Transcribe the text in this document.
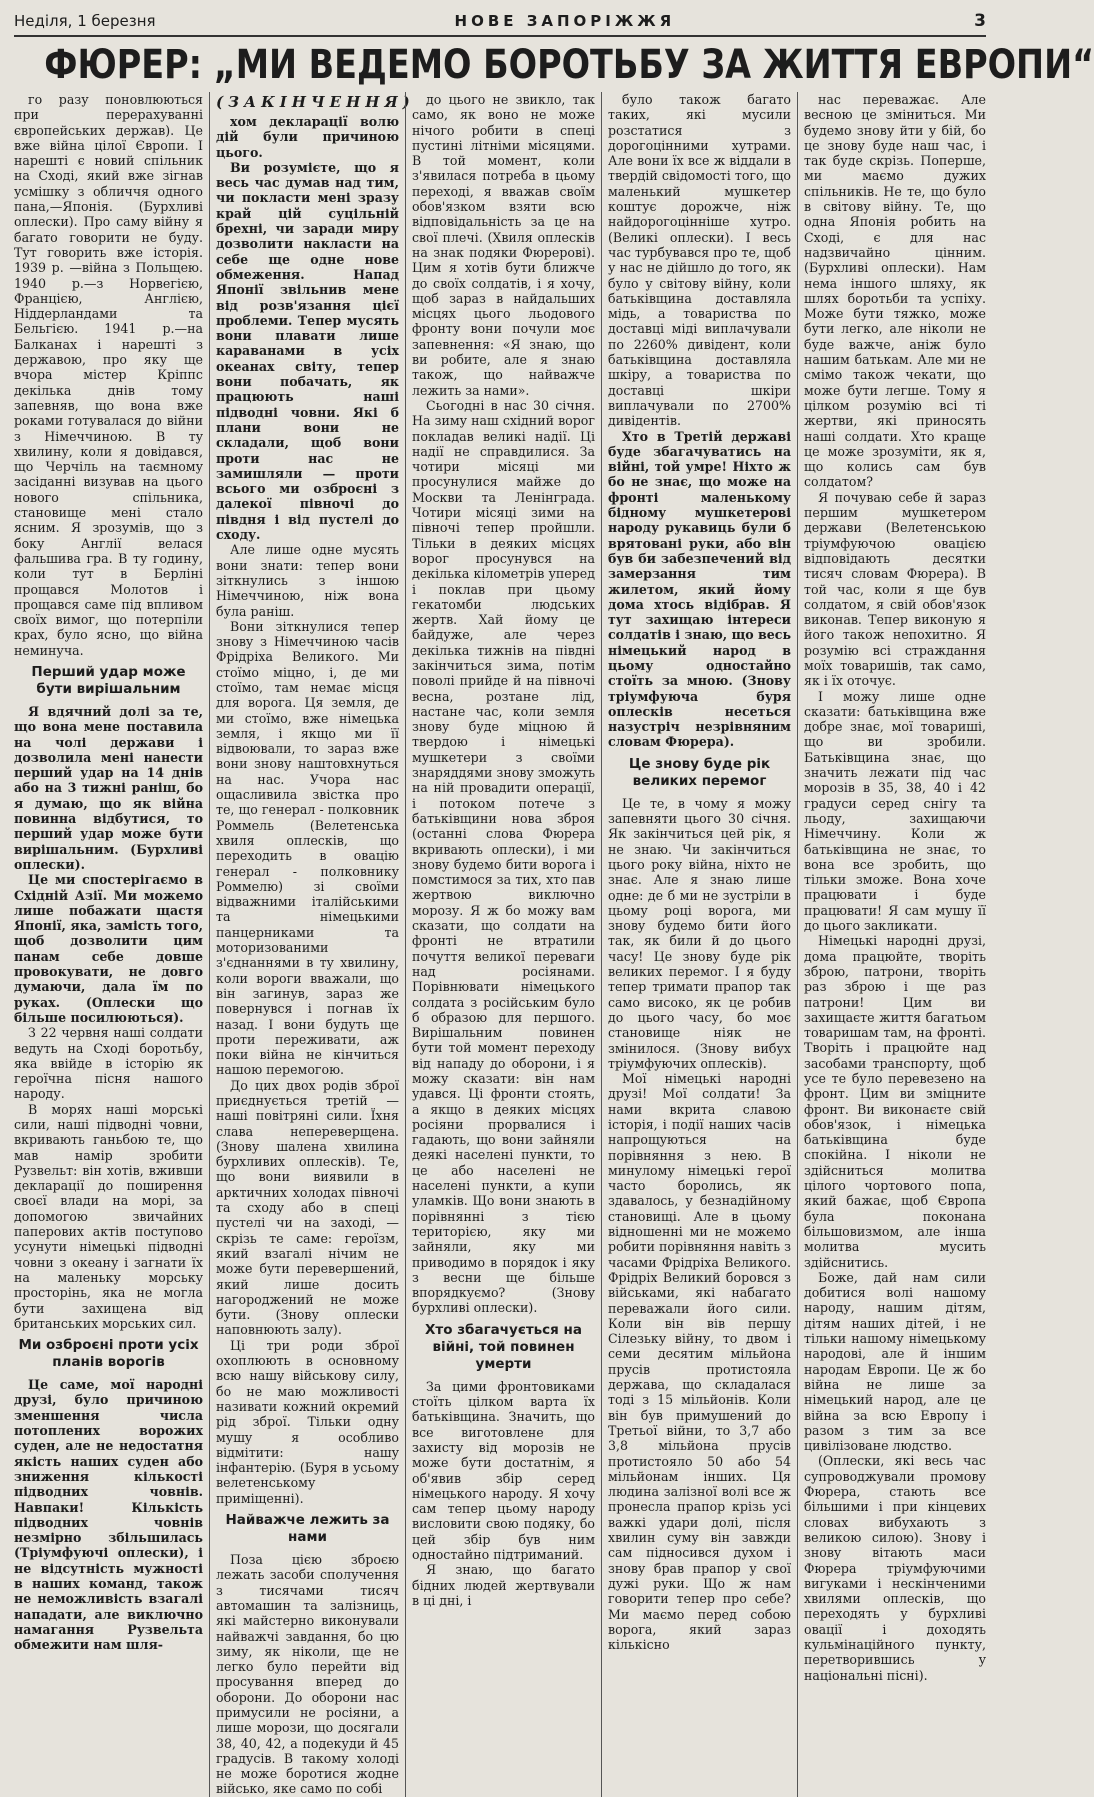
Неділя, 1 березня	НОВЕ ЗАПОРІЖЖЯ	3
ФЮРЕР: „МИ ВЕДЕМО БОРОТЬБУ ЗА ЖИТТЯ ЕВРОПИ“

го разу поновлюються при перерахуванні європейських держав). Це вже війна цілої Європи. І нарешті є новий спільник на Сході, який вже зігнав усмішку з обличчя одного пана,—Японія. (Бурхливі оплески). Про саму війну я багато говорити не буду. Тут говорить вже історія. 1939 р. —війна з Польщею. 1940 р.—з Норвегією, Францією, Англією, Ніддерландами та Бельгією. 1941 р.—на Балканах і нарешті з державою, про яку ще вчора містер Кріппс декілька днів тому запевняв, що вона вже роками готувалася до війни з Німеччиною. В ту хвилину, коли я довідався, що Черчіль на таємному засіданні визував на цього нового спільника, становище мені стало ясним. Я зрозумів, що з боку Англії велася фальшива гра. В ту годину, коли тут в Берліні прощався Молотов і прощався саме під впливом своїх вимог, що потерпіли крах, було ясно, що війна неминуча.

Перший удар може бути вирішальним

Я вдячний долі за те, що вона мене поставила на чолі держави і дозволила мені нанести перший удар на 14 днів або на 3 тижні раніш, бо я думаю, що як війна повинна відбутися, то перший удар може бути вирішальним. (Бурхливі оплески).

Це ми спостерігаємо в Східній Азії. Ми можемо лише побажати щастя Японії, яка, замість того, щоб дозволити цим панам себе довше провокувати, не довго думаючи, дала їм по руках. (Оплески що більше посилюються).

З 22 червня наші солдати ведуть на Сході боротьбу, яка ввійде в історію як героїчна пісня нашого народу.

В морях наші морські сили, наші підводні човни, вкривають ганьбою те, що мав намір зробити Рузвельт: він хотів, вживши декларації до поширення своєї влади на морі, за допомогою звичайних паперових актів поступово усунути німецькі підводні човни з океану і загнати їх на маленьку морську просторінь, яка не могла бути захищена від британських морських сил.

Ми озброєні проти усіх планів ворогів

Це саме, мої народні друзі, було причиною зменшення числа потоплених ворожих суден, але не недостатня якість наших суден або зниження кількості підводних човнів. Навпаки! Кількість підводних човнів незмірно збільшилась (Тріумфуючі оплески), і не відсутність мужності в наших команд, також не неможливість взагалі нападати, але виключно намагання Рузвельта обмежити нам шля-

(ЗАКІНЧЕННЯ)

хом декларації волю дій були причиною цього.

Ви розумієте, що я весь час думав над тим, чи покласти мені зразу край цій суцільній брехні, чи заради миру дозволити накласти на себе ще одне нове обмеження. Напад Японії звільнив мене від розв'язання цієї проблеми. Тепер мусять вони плавати лише караванами в усіх океанах світу, тепер вони побачать, як працюють наші підводні човни. Які б плани вони не складали, щоб вони проти нас не замишляли — проти всього ми озброєні з далекої півночі до півдня і від пустелі до сходу.

Але лише одне мусять вони знати: тепер вони зіткнулись з іншою Німеччиною, ніж вона була раніш.

Вони зіткнулися тепер знову з Німеччиною часів Фрідріха Великого. Ми стоїмо міцно, і, де ми стоїмо, там немає місця для ворога. Ця земля, де ми стоїмо, вже німецька земля, і якщо ми її відвоювали, то зараз вже вони знову наштовхнуться на нас. Учора нас ощасливила звістка про те, що генерал - полковник Роммель (Велетенська хвиля оплесків, що переходить в овацію генерал - полковнику Роммелю) зі своїми відважними італійськими та німецькими панцерниками та моторизованими з'єднаннями в ту хвилину, коли вороги вважали, що він загинув, зараз же повернувся і погнав їх назад. І вони будуть ще проти переживати, аж поки війна не кінчиться нашою перемогою.

До цих двох родів зброї приєднується третій — наші повітряні сили. Їхня слава непереверщена. (Знову шалена хвилина бурхливих оплесків). Те, що вони виявили в арктичних холодах півночі та сходу або в спеці пустелі чи на заході, — скрізь те саме: героїзм, який взагалі нічим не може бути перевершений, який лише досить нагороджений не може бути. (Знову оплески наповнюють залу).

Ці три роди зброї охоплюють в основному всю нашу військову силу, бо не маю можливості називати кожний окремий рід зброї. Тільки одну мушу я особливо відмітити: нашу інфантерію. (Буря в усьому велетенському приміщенні).

Найважче лежить за нами

Поза цією зброєю лежать засоби сполучення з тисячами тисяч автомашин та залізниць, які майстерно виконували найважчі завдання, бо цю зиму, як ніколи, ще не легко було перейти від просування вперед до оборони. До оборони нас примусили не росіяни, а лише морози, що досягали 38, 40, 42, а подекуди й 45 градусів. В такому холоді не може боротися жодне військо, яке само по собі

до цього не звикло, так само, як воно не може нічого робити в спеці пустині літніми місяцями. В той момент, коли з'явилася потреба в цьому переході, я вважав своїм обов'язком взяти всю відповідальність за це на свої плечі. (Хвиля оплесків на знак подяки Фюрерові). Цим я хотів бути ближче до своїх солдатів, і я хочу, щоб зараз в найдальших місцях цього льодового фронту вони почули моє запевнення: «Я знаю, що ви робите, але я знаю також, що найважче лежить за нами».

Сьогодні в нас 30 січня. На зиму наш східний ворог покладав великі надії. Ці надії не справдилися. За чотири місяці ми просунулися майже до Москви та Ленінграда. Чотири місяці зими на півночі тепер пройшли. Тільки в деяких місцях ворог просунувся на декілька кілометрів уперед і поклав при цьому гекатомби людських жертв. Хай йому це байдуже, але через декілька тижнів на півдні закінчиться зима, потім поволі прийде й на півночі весна, розтане лід, настане час, коли земля знову буде міцною й твердою і німецькі мушкетери з своїми знаряддями знову зможуть на ній провадити операції, і потоком потече з батьківщини нова зброя (останні слова Фюрера вкривають оплески), і ми знову будемо бити ворога і помстимося за тих, хто пав жертвою виключно морозу. Я ж бо можу вам сказати, що солдати на фронті не втратили почуття великої переваги над росіянами. Порівнювати німецького солдата з російським було б образою для першого. Вирішальним повинен бути той момент переходу від нападу до оборони, і я можу сказати: він нам удався. Ці фронти стоять, а якщо в деяких місцях росіяни прорвалися і гадають, що вони зайняли деякі населені пункти, то це або населені не населені пункти, а купи уламків. Що вони знають в порівнянні з тією територією, яку ми зайняли, яку ми приводимо в порядок і яку з весни ще більше впорядкуємо? (Знову бурхливі оплески).

Хто збагачується на війні, той повинен умерти

За цими фронтовиками стоїть цілком варта їх батьківщина. Значить, що все виготовлене для захисту від морозів не може бути достатнім, я об'явив збір серед німецького народу. Я хочу сам тепер цьому народу висловити свою подяку, бо цей збір був ним одностайно підтриманий.

Я знаю, що багато бідних людей жертвували в ці дні, і

було також багато таких, які мусили розстатися з дорогоцінними хутрами. Але вони їх все ж віддали в твердій свідомості того, що маленький мушкетер коштує дорожче, ніж найдорогоцінніше хутро. (Великі оплески). І весь час турбувався про те, щоб у нас не дійшло до того, як було у світову війну, коли батьківщина доставляла мідь, а товариства по доставці міді виплачували по 2260% дивідент, коли батьківщина доставляла шкіру, а товариства по доставці шкіри виплачували по 2700% дивідентів.

Хто в Третій державі буде збагачуватись на війні, той умре! Ніхто ж бо не знає, що може на фронті маленькому бідному мушкетерові народу рукавиць були б врятовані руки, або він був би забезпечений від замерзання тим жилетом, який йому дома хтось відібрав. Я тут захищаю інтереси солдатів і знаю, що весь німецький народ в цьому одностайно стоїть за мною. (Знову тріумфуюча буря оплесків несеться назустріч незрівняним словам Фюрера).

Це знову буде рік великих перемог

Це те, в чому я можу запевняти цього 30 січня. Як закінчиться цей рік, я не знаю. Чи закінчиться цього року війна, ніхто не знає. Але я знаю лише одне: де б ми не зустріли в цьому році ворога, ми знову будемо бити його так, як били й до цього часу! Це знову буде рік великих перемог. І я буду тепер тримати прапор так само високо, як це робив до цього часу, бо моє становище ніяк не змінилося. (Знову вибух тріумфуючих оплесків).

Мої німецькі народні друзі! Мої солдати! За нами вкрита славою історія, і події наших часів напрощуються на порівняння з нею. В минулому німецькі герої часто боролись, як здавалось, у безнадійному становищі. Але в цьому відношенні ми не можемо робити порівняння навіть з часами Фрідріха Великого. Фрідріх Великий боровся з військами, які набагато переважали його сили. Коли він вів першу Сілезьку війну, то двом і семи десятим мільйона прусів протистояла держава, що складалася тоді з 15 мільйонів. Коли він був примушений до Третьої війни, то 3,7 або 3,8 мільйона прусів протистояло 50 або 54 мільйонам інших. Ця людина залізної волі все ж пронесла прапор крізь усі важкі удари долі, після хвилин суму він завжди сам підносився духом і знову брав прапор у свої дужі руки. Що ж нам говорити тепер про себе? Ми маємо перед собою ворога, який зараз кількісно

нас переважає. Але весною це зміниться. Ми будемо знову йти у бій, бо це знову буде наш час, і так буде скрізь. Поперше, ми маємо дужих спільників. Не те, що було в світову війну. Те, що одна Японія робить на Сході, є для нас надзвичайно цінним. (Бурхливі оплески). Нам нема іншого шляху, як шлях боротьби та успіху. Може бути тяжко, може бути легко, але ніколи не буде важче, аніж було нашим батькам. Але ми не смімо також чекати, що може бути легше. Тому я цілком розумію всі ті жертви, які приносять наші солдати. Хто краще це може зрозуміти, як я, що колись сам був солдатом?

Я почуваю себе й зараз першим мушкетером держави (Велетенською тріумфуючою овацією відповідають десятки тисяч словам Фюрера). В той час, коли я ще був солдатом, я свій обов'язок виконав. Тепер виконую я його також непохитно. Я розумію всі страждання моїх товаришів, так само, як і їх оточує.

І можу лише одне сказати: батьківщина вже добре знає, мої товариші, що ви зробили. Батьківщина знає, що значить лежати під час морозів в 35, 38, 40 і 42 градуси серед снігу та льоду, захищаючи Німеччину. Коли ж батьківщина не знає, то вона все зробить, що тільки зможе. Вона хоче працювати і буде працювати! Я сам мушу її до цього закликати.

Німецькі народні друзі, дома працюйте, творіть зброю, патрони, творіть раз зброю і ще раз патрони! Цим ви захищаєте життя багатьом товаришам там, на фронті. Творіть і працюйте над засобами транспорту, щоб усе те було перевезено на фронт. Цим ви зміцните фронт. Ви виконаєте свій обов'язок, і німецька батьківщина буде спокійна. І ніколи не здійсниться молитва цілого чортового попа, який бажає, щоб Європа була поконана більшовизмом, але інша молитва мусить здійснитись.

Боже, дай нам сили добитися волі нашому народу, нашим дітям, дітям наших дітей, і не тільки нашому німецькому народові, але й іншим народам Европи. Це ж бо війна не лише за німецький народ, але це війна за всю Европу і разом з тим за все цивілізоване людство.

(Оплески, які весь час супроводжували промову Фюрера, стають все більшими і при кінцевих словах вибухають з великою силою). Знову і знову вітають маси Фюрера тріумфуючими вигуками і нескінченими хвилями оплесків, що переходять у бурхливі овації і доходять кульмінаційного пункту, перетворившись у національні пісні).
